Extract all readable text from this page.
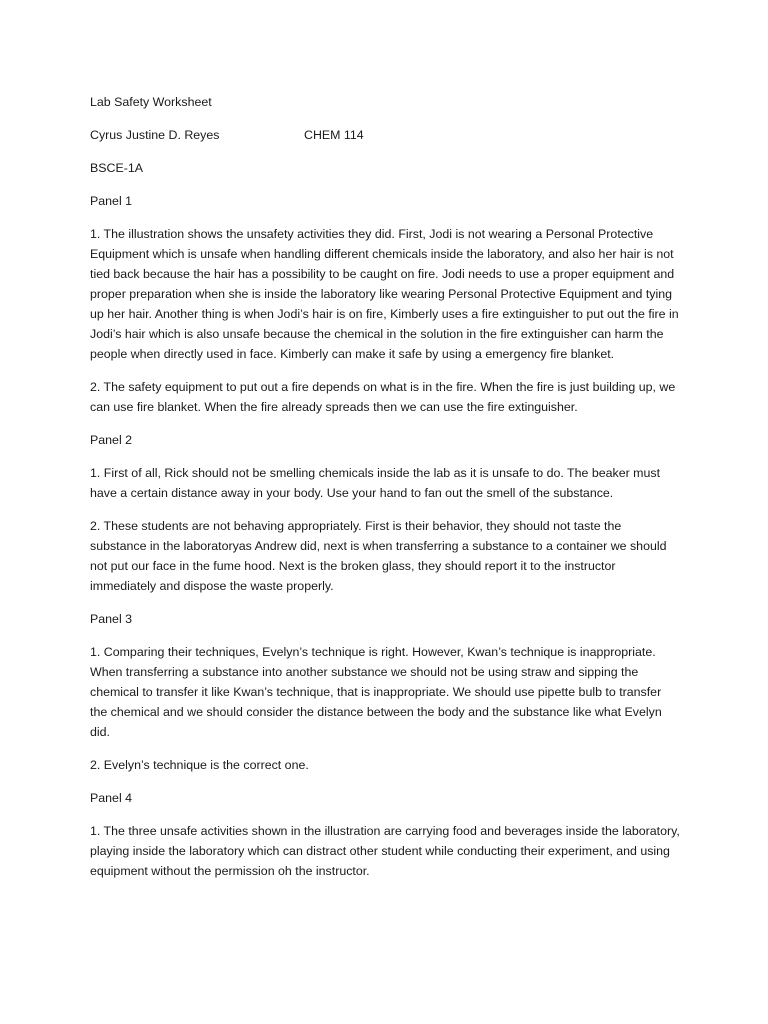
Lab Safety Worksheet

Cyrus Justine D. Reyes	CHEM 114

BSCE-1A

Panel 1

1. The illustration shows the unsafety activities they did. First, Jodi is not wearing a Personal Protective Equipment which is unsafe when handling different chemicals inside the laboratory, and also her hair is not tied back because the hair has a possibility to be caught on fire. Jodi needs to use a proper equipment and proper preparation when she is inside the laboratory like wearing Personal Protective Equipment and tying up her hair. Another thing is when Jodi’s hair is on fire, Kimberly uses a fire extinguisher to put out the fire in Jodi’s hair which is also unsafe because the chemical in the solution in the fire extinguisher can harm the people when directly used in face. Kimberly can make it safe by using a emergency fire blanket.

2. The safety equipment to put out a fire depends on what is in the fire. When the fire is just building up, we can use fire blanket. When the fire already spreads then we can use the fire extinguisher.

Panel 2

1. First of all, Rick should not be smelling chemicals inside the lab as it is unsafe to do. The beaker must have a certain distance away in your body. Use your hand to fan out the smell of the substance.

2. These students are not behaving appropriately. First is their behavior, they should not taste the substance in the laboratoryas Andrew did, next is when transferring a substance to a container we should not put our face in the fume hood. Next is the broken glass, they should report it to the instructor immediately and dispose the waste properly.

Panel 3

1. Comparing their techniques, Evelyn’s technique is right. However, Kwan’s technique is inappropriate. When transferring a substance into another substance we should not be using straw and sipping the chemical to transfer it like Kwan’s technique, that is inappropriate. We should use pipette bulb to transfer the chemical and we should consider the distance between the body and the substance like what Evelyn did.

2. Evelyn’s technique is the correct one.

Panel 4

1. The three unsafe activities shown in the illustration are carrying food and beverages inside the laboratory, playing inside the laboratory which can distract other student while conducting their experiment, and using equipment without the permission oh the instructor.
